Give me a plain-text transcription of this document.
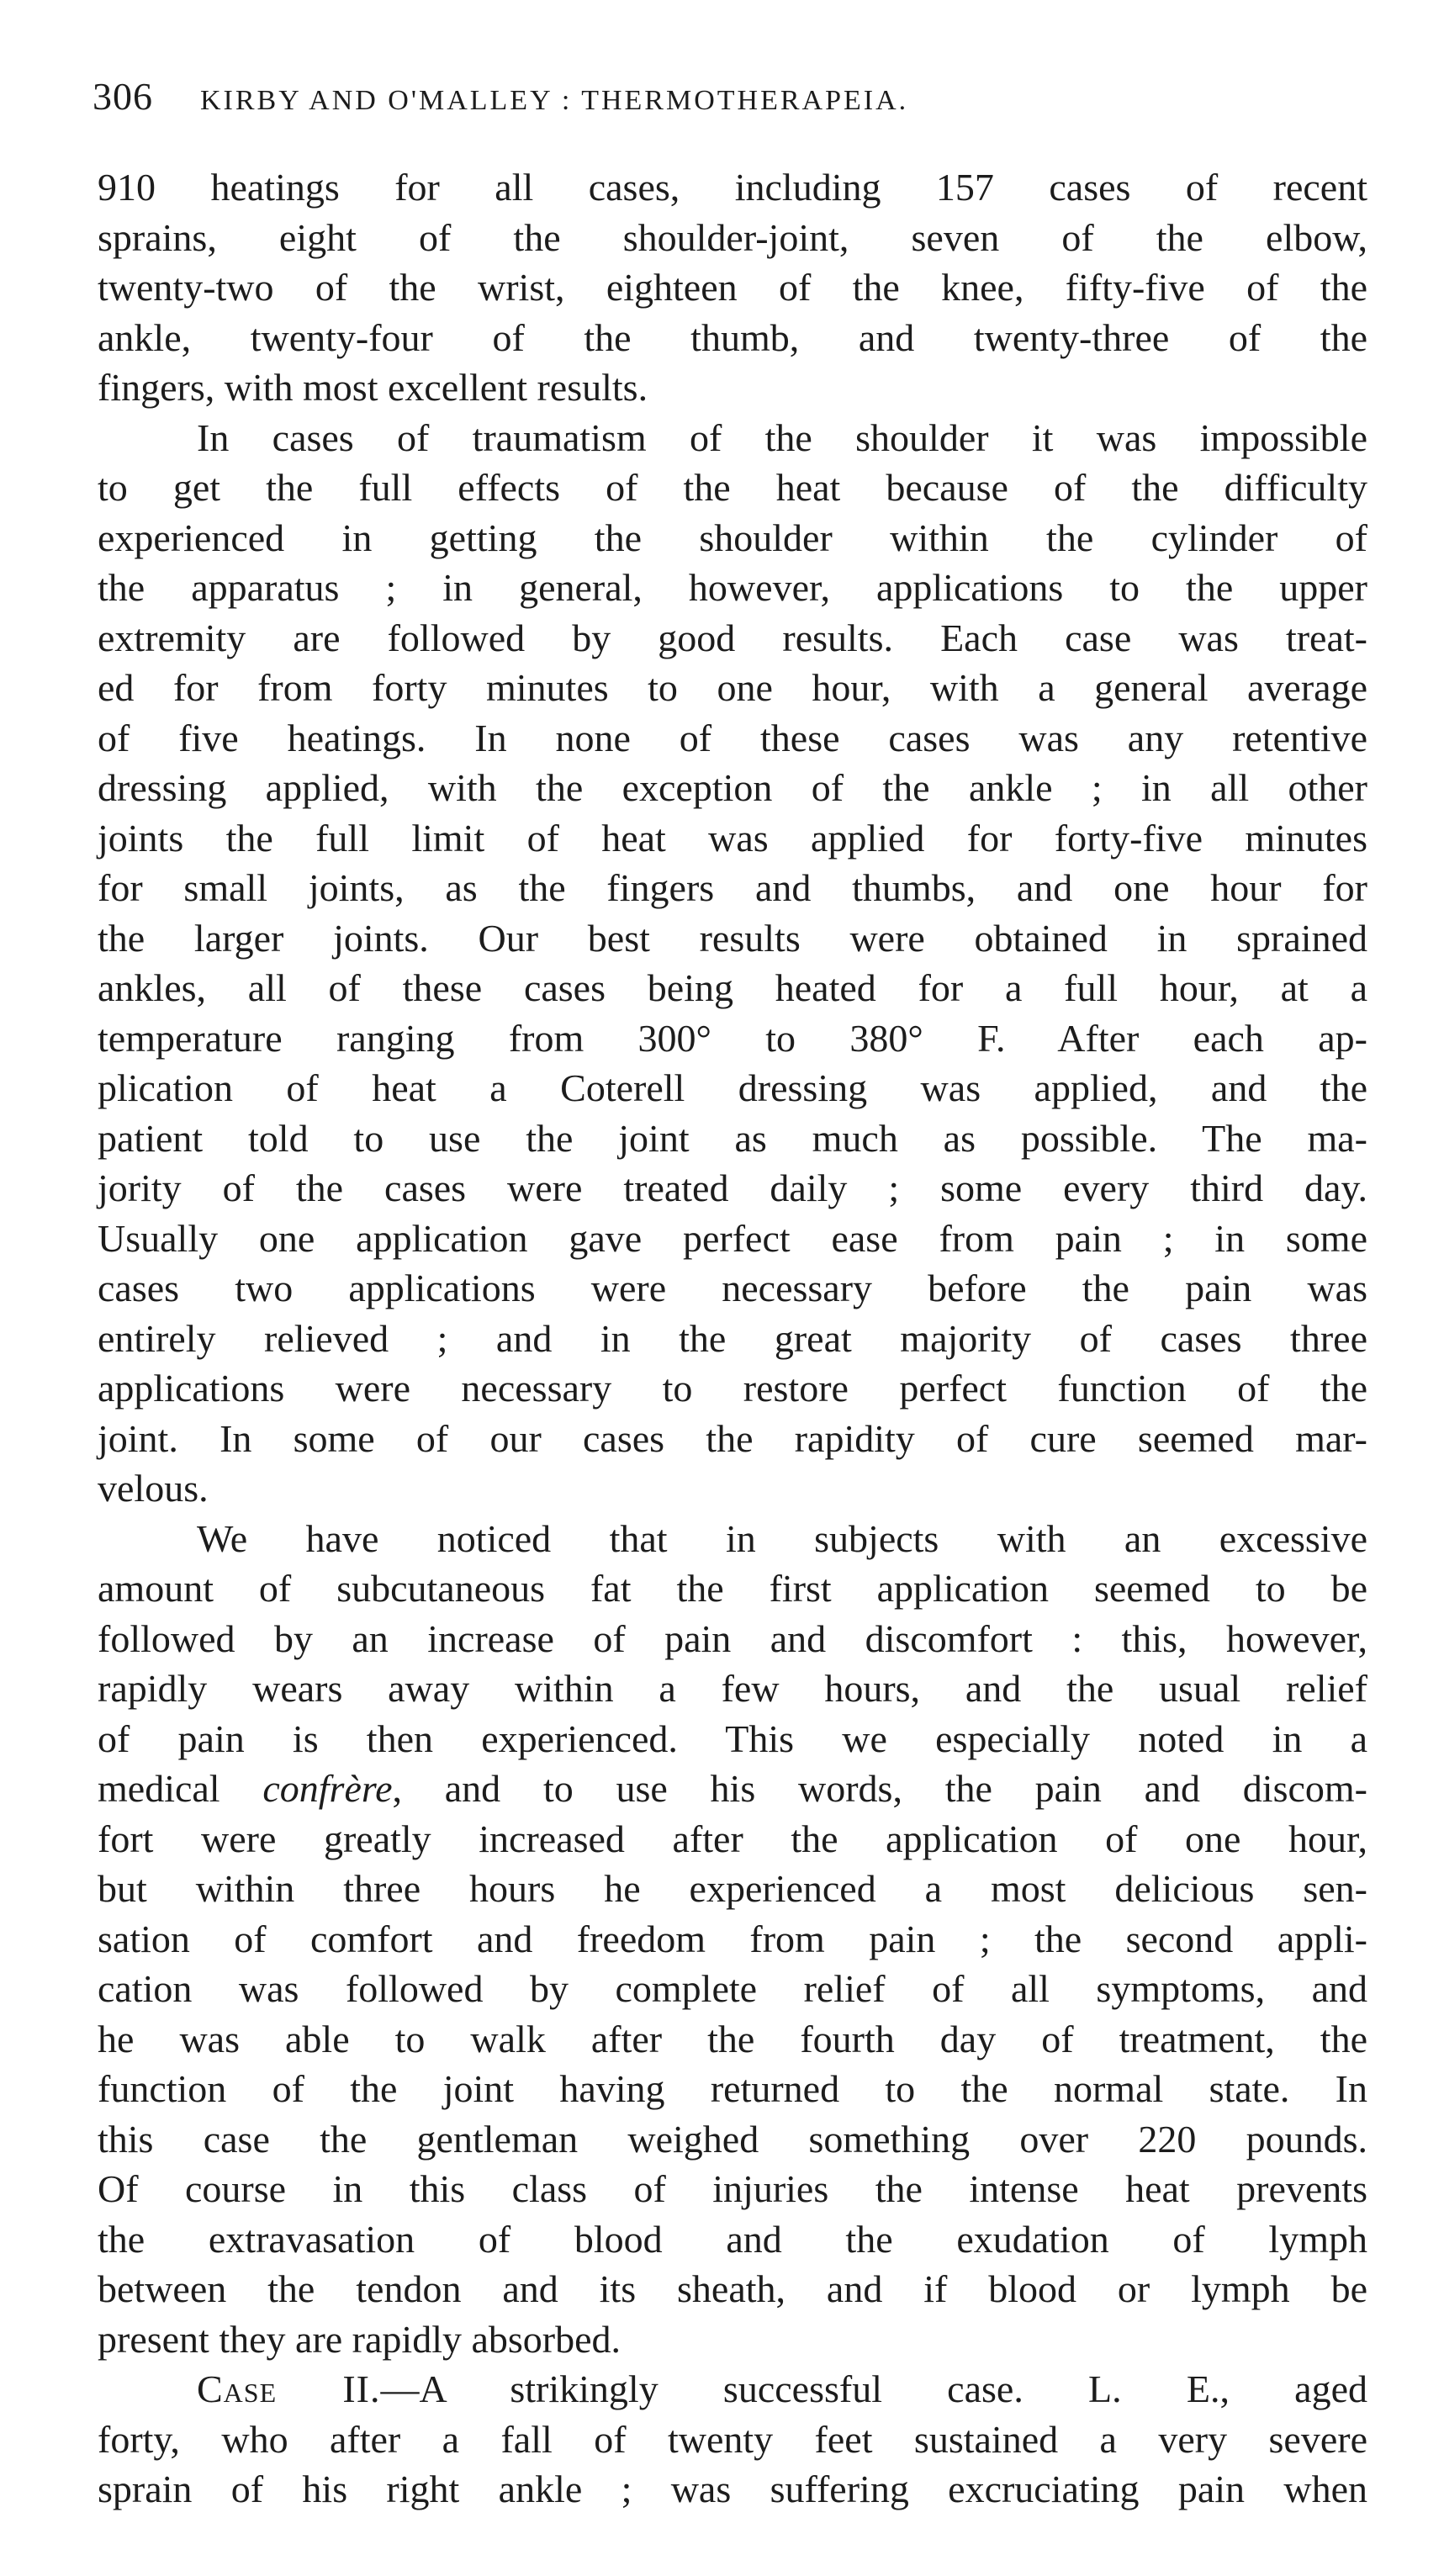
306 KIRBY AND O'MALLEY : THERMOTHERAPEIA.
910 heatings for all cases, including 157 cases of recent
sprains, eight of the shoulder-joint, seven of the elbow,
twenty-two of the wrist, eighteen of the knee, fifty-five of the
ankle, twenty-four of the thumb, and twenty-three of the
fingers, with most excellent results.
In cases of traumatism of the shoulder it was impossible
to get the full effects of the heat because of the difficulty
experienced in getting the shoulder within the cylinder of
the apparatus ; in general, however, applications to the upper
extremity are followed by good results. Each case was treat-
ed for from forty minutes to one hour, with a general average
of five heatings. In none of these cases was any retentive
dressing applied, with the exception of the ankle ; in all other
joints the full limit of heat was applied for forty-five minutes
for small joints, as the fingers and thumbs, and one hour for
the larger joints. Our best results were obtained in sprained
ankles, all of these cases being heated for a full hour, at a
temperature ranging from 300° to 380° F. After each ap-
plication of heat a Coterell dressing was applied, and the
patient told to use the joint as much as possible. The ma-
jority of the cases were treated daily ; some every third day.
Usually one application gave perfect ease from pain ; in some
cases two applications were necessary before the pain was
entirely relieved ; and in the great majority of cases three
applications were necessary to restore perfect function of the
joint. In some of our cases the rapidity of cure seemed mar-
velous.
We have noticed that in subjects with an excessive
amount of subcutaneous fat the first application seemed to be
followed by an increase of pain and discomfort : this, however,
rapidly wears away within a few hours, and the usual relief
of pain is then experienced. This we especially noted in a
medical confrère, and to use his words, the pain and discom-
fort were greatly increased after the application of one hour,
but within three hours he experienced a most delicious sen-
sation of comfort and freedom from pain ; the second appli-
cation was followed by complete relief of all symptoms, and
he was able to walk after the fourth day of treatment, the
function of the joint having returned to the normal state. In
this case the gentleman weighed something over 220 pounds.
Of course in this class of injuries the intense heat prevents
the extravasation of blood and the exudation of lymph
between the tendon and its sheath, and if blood or lymph be
present they are rapidly absorbed.
Case II.—A strikingly successful case. L. E., aged
forty, who after a fall of twenty feet sustained a very severe
sprain of his right ankle ; was suffering excruciating pain when
